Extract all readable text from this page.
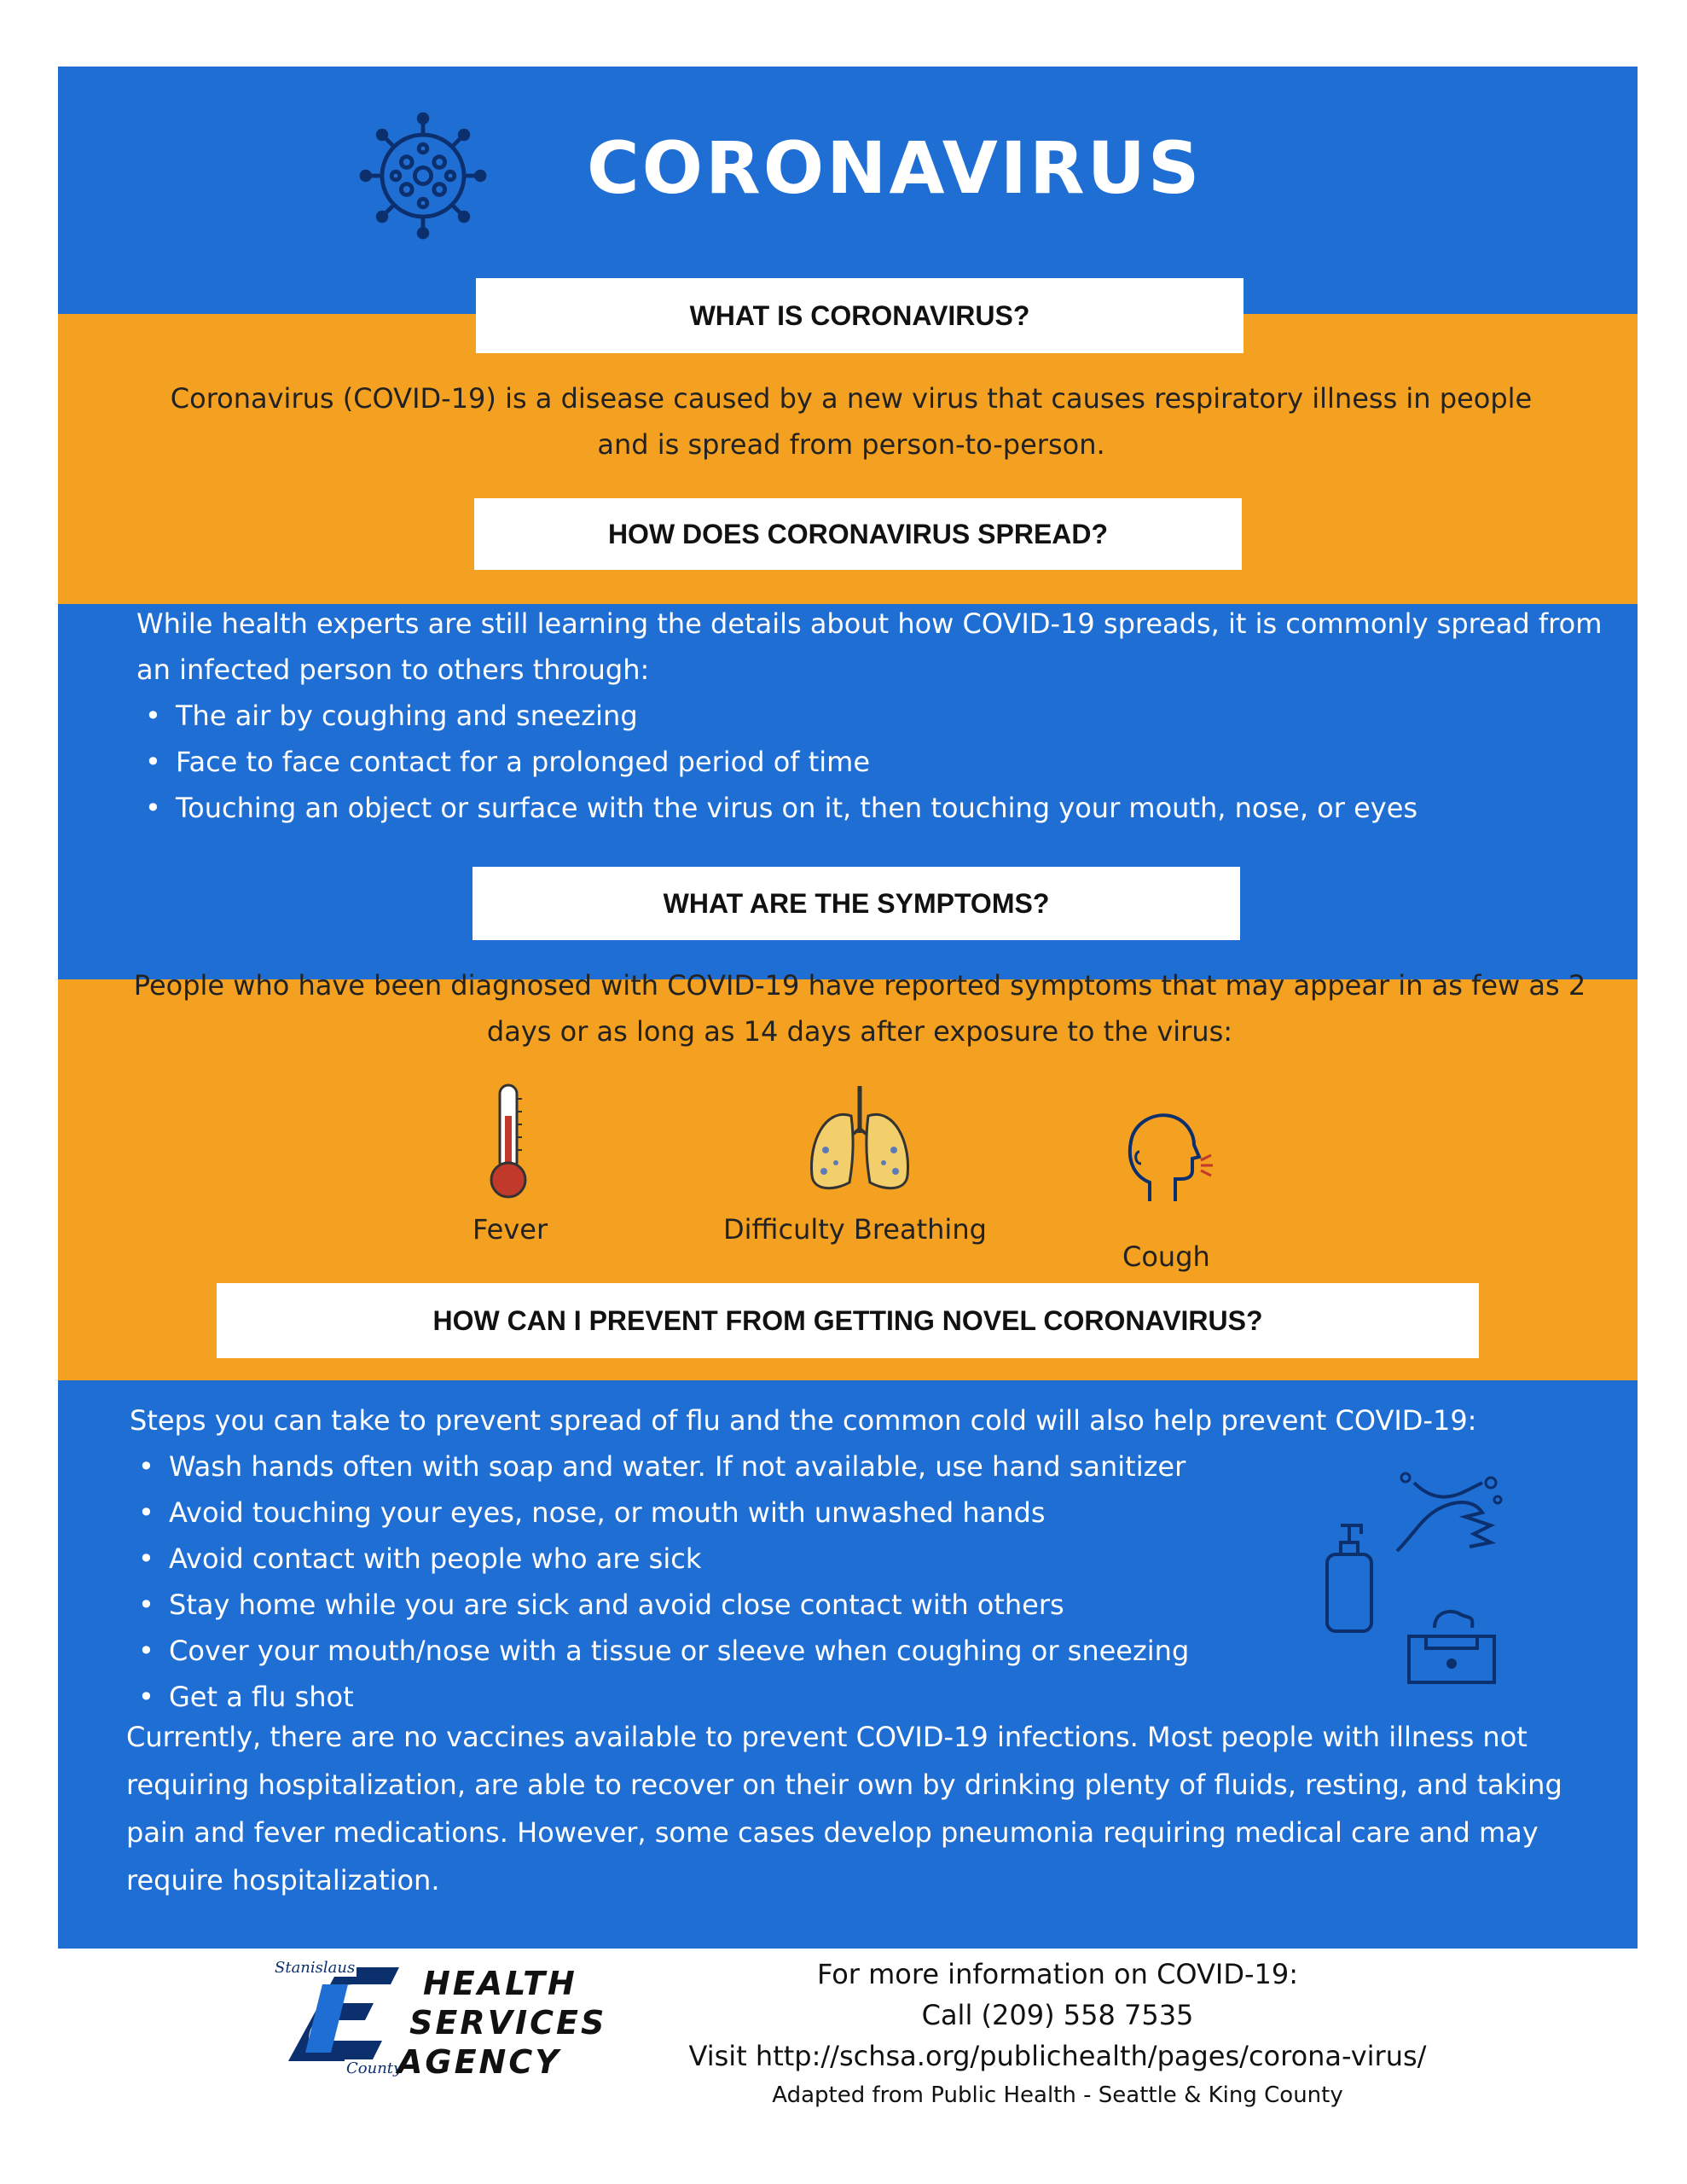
CORONAVIRUS
WHAT IS CORONAVIRUS?
Coronavirus (COVID-19) is a disease caused by a new virus that causes respiratory illness in people and is spread from person-to-person.
HOW DOES CORONAVIRUS SPREAD?
While health experts are still learning the details about how COVID-19 spreads, it is commonly spread from an infected person to others through:
• The air by coughing and sneezing
• Face to face contact for a prolonged period of time
• Touching an object or surface with the virus on it, then touching your mouth, nose, or eyes
WHAT ARE THE SYMPTOMS?
People who have been diagnosed with COVID-19 have reported symptoms that may appear in as few as 2 days or as long as 14 days after exposure to the virus:
Fever	Difficulty Breathing
Cough
HOW CAN I PREVENT FROM GETTING NOVEL CORONAVIRUS?
Steps you can take to prevent spread of flu and the common cold will also help prevent COVID-19:
• Wash hands often with soap and water. If not available, use hand sanitizer
• Avoid touching your eyes, nose, or mouth with unwashed hands
• Avoid contact with people who are sick
• Stay home while you are sick and avoid close contact with others
• Cover your mouth/nose with a tissue or sleeve when coughing or sneezing
• Get a flu shot
Currently, there are no vaccines available to prevent COVID-19 infections. Most people with illness not requiring hospitalization, are able to recover on their own by drinking plenty of fluids, resting, and taking pain and fever medications. However, some cases develop pneumonia requiring medical care and may require hospitalization.
Stanislaus
County
HEALTH
SERVICES
AGENCY
For more information on COVID-19:
Call (209) 558 7535
Visit http://schsa.org/publichealth/pages/corona-virus/
Adapted from Public Health - Seattle & King County
